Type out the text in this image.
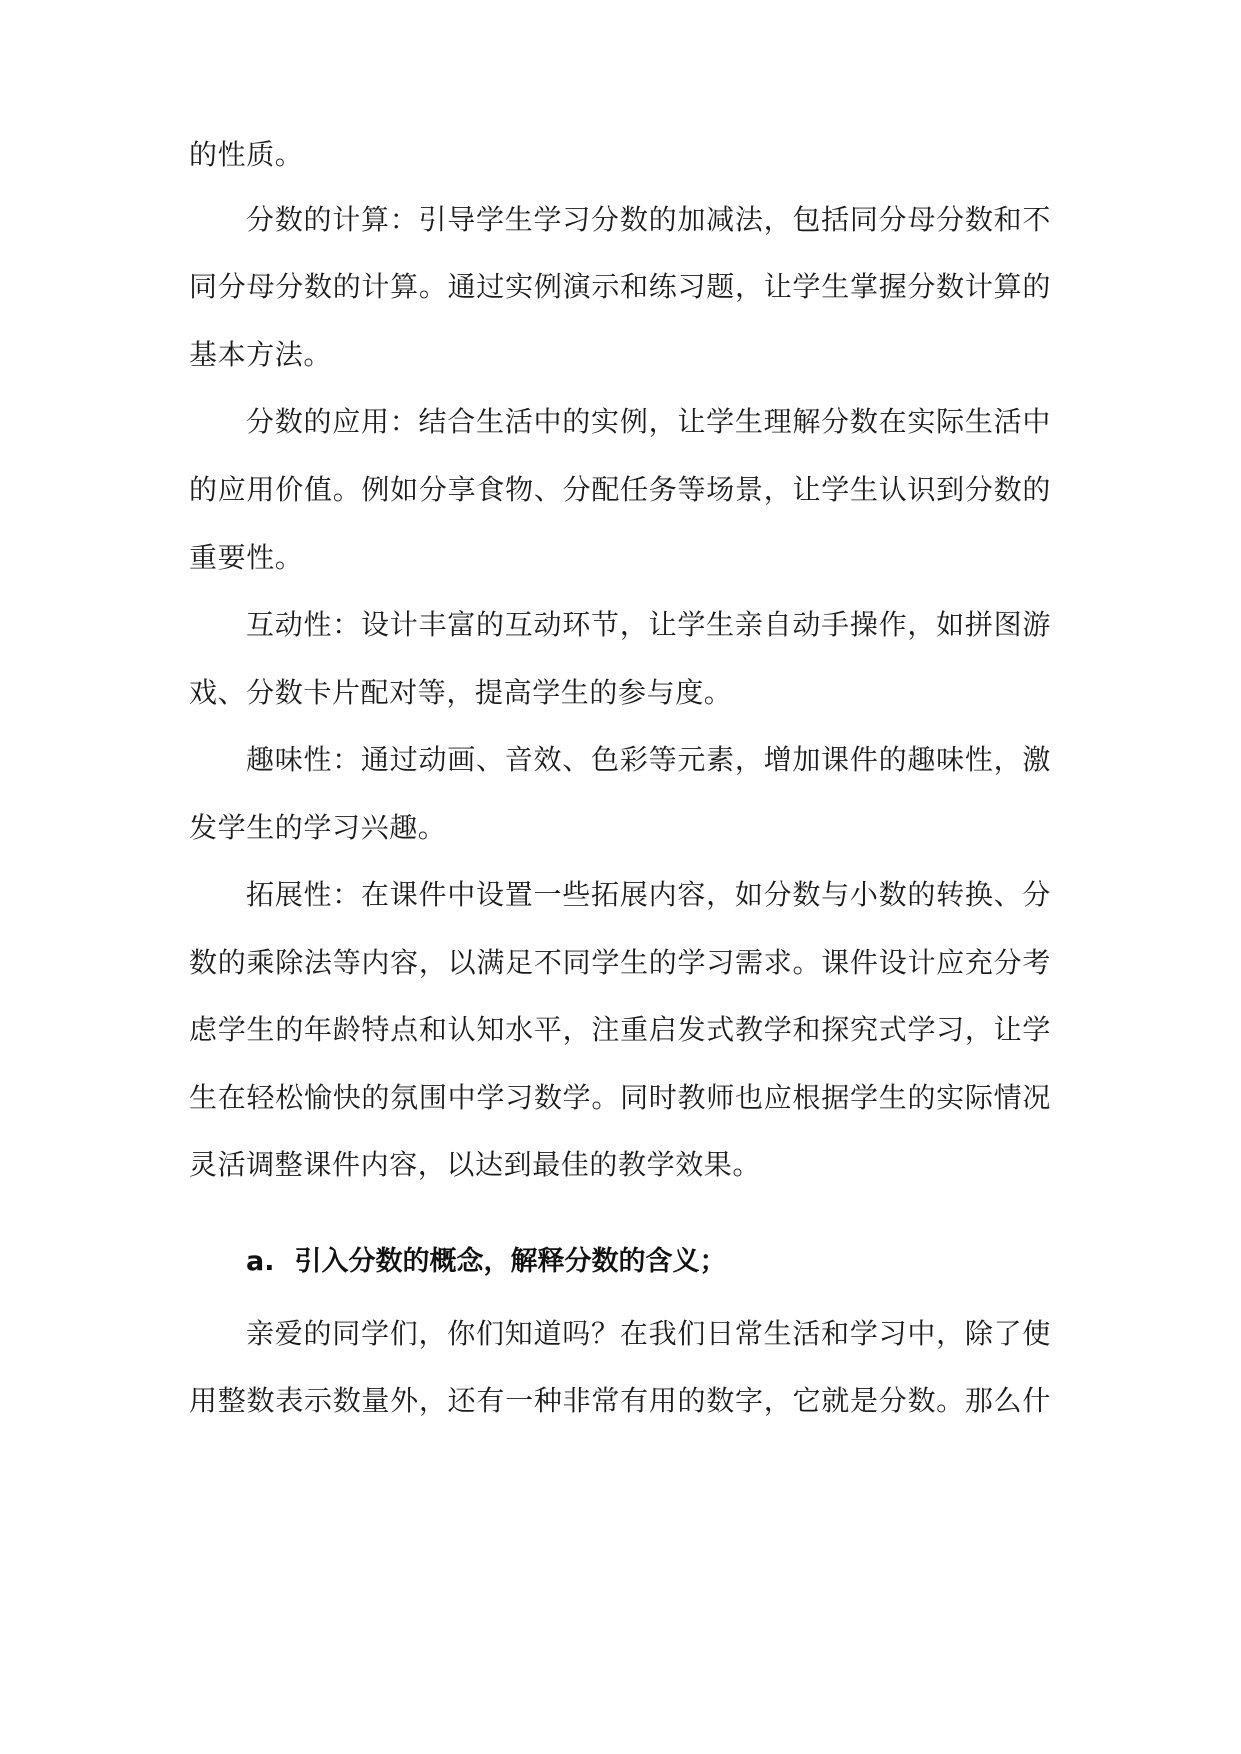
的性质。
分数的计算：引导学生学习分数的加减法，包括同分母分数和不
同分母分数的计算。通过实例演示和练习题，让学生掌握分数计算的
基本方法。
分数的应用：结合生活中的实例，让学生理解分数在实际生活中
的应用价值。例如分享食物、分配任务等场景，让学生认识到分数的
重要性。
互动性：设计丰富的互动环节，让学生亲自动手操作，如拼图游
戏、分数卡片配对等，提高学生的参与度。
趣味性：通过动画、音效、色彩等元素，增加课件的趣味性，激
发学生的学习兴趣。
拓展性：在课件中设置一些拓展内容，如分数与小数的转换、分
数的乘除法等内容，以满足不同学生的学习需求。课件设计应充分考
虑学生的年龄特点和认知水平，注重启发式教学和探究式学习，让学
生在轻松愉快的氛围中学习数学。同时教师也应根据学生的实际情况
灵活调整课件内容，以达到最佳的教学效果。
a. 引入分数的概念，解释分数的含义；
亲爱的同学们，你们知道吗？在我们日常生活和学习中，除了使
用整数表示数量外，还有一种非常有用的数字，它就是分数。那么什
